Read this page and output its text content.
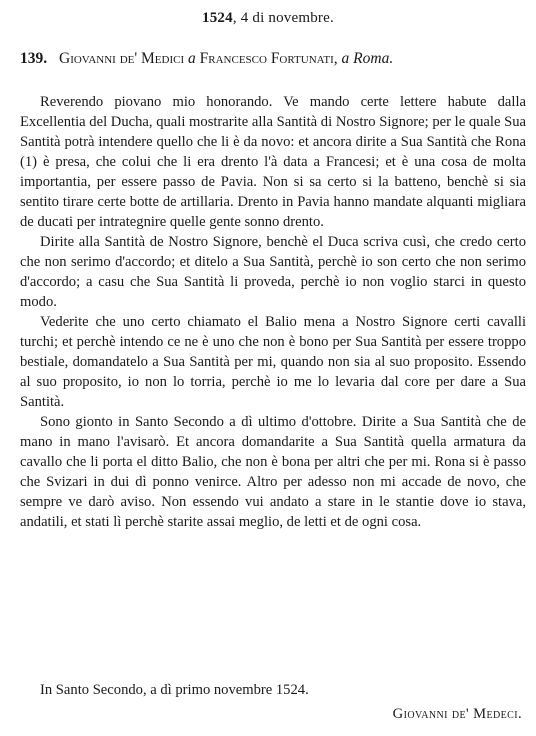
1524, 4 di novembre.
139. Giovanni de' Medici a Francesco Fortunati, a Roma.

Reverendo piovano mio honorando. Ve mando certe lettere habute dalla Excellentia del Ducha, quali mostrarite alla Santità di Nostro Signore; per le quale Sua Santità potrà intendere quello che li è da novo: et ancora dirite a Sua Santità che Rona (1) è presa, che colui che li era drento l'à data a Francesi; et è una cosa de molta importantia, per essere passo de Pavia. Non si sa certo si la batteno, benchè si sia sentito tirare certe botte de artillaria. Drento in Pavia hanno mandate alquanti migliara de ducati per intrategnire quelle gente sonno drento.

Dirite alla Santità de Nostro Signore, benchè el Duca scriva cusì, che credo certo che non serimo d'accordo; et ditelo a Sua Santità, perchè io son certo che non serimo d'accordo; a casu che Sua Santità li proveda, perchè io non voglio starci in questo modo.

Vederite che uno certo chiamato el Balio mena a Nostro Signore certi cavalli turchi; et perchè intendo ce ne è uno che non è bono per Sua Santità per essere troppo bestiale, domandatelo a Sua Santità per mi, quando non sia al suo proposito. Essendo al suo proposito, io non lo torria, perchè io me lo levaria dal core per dare a Sua Santità.

Sono gionto in Santo Secondo a dì ultimo d'ottobre. Dirite a Sua Santità che de mano in mano l'avisarò. Et ancora domandarite a Sua Santità quella armatura da cavallo che li porta el ditto Balio, che non è bona per altri che per mi. Rona si è passo che Svizari in dui dì ponno venirce. Altro per adesso non mi accade de novo, che sempre ve darò aviso. Non essendo vui andato a stare in le stantie dove io stava, andatili, et stati lì perchè starite assai meglio, de letti et de ogni cosa.

In Santo Secondo, a dì primo novembre 1524.
Giovanni de' Medeci.
